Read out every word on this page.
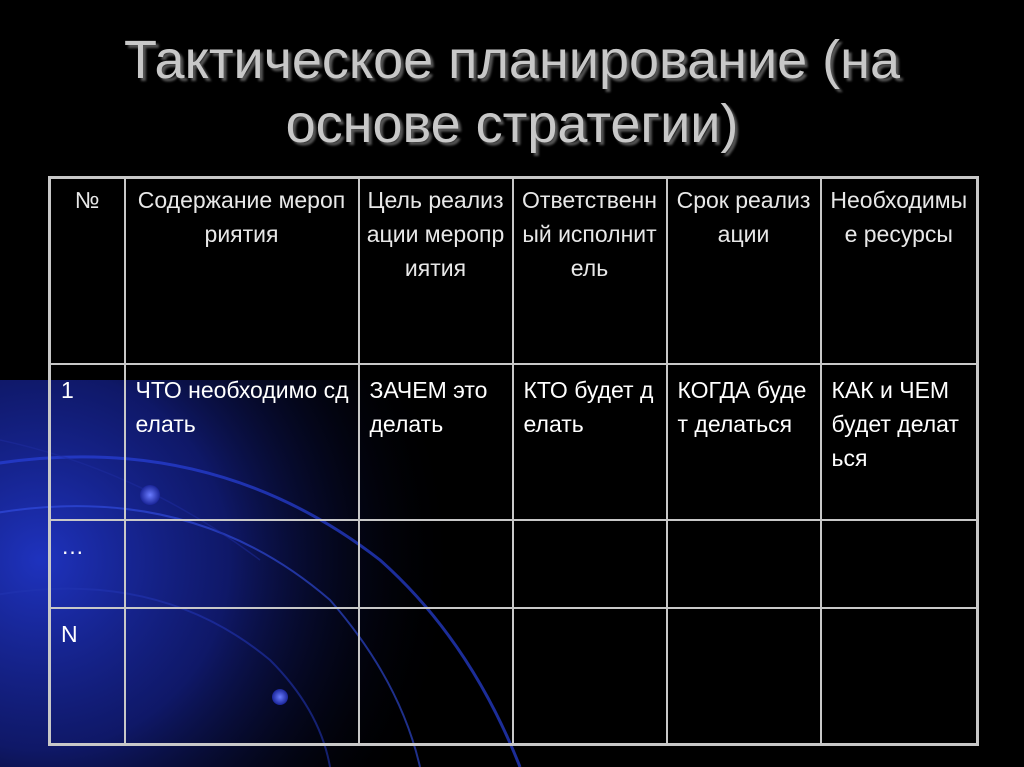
Тактическое планирование (на
основе стратегии)
№	Содержание мероприятия	Цель реализации мероприятия	Ответственный исполнитель	Срок реализации	Необходимые ресурсы
1	ЧТО необходимо сделать	ЗАЧЕМ это делать	КТО будет делать	КОГДА будет делаться	КАК и ЧЕМ будет делаться
…					
N					
